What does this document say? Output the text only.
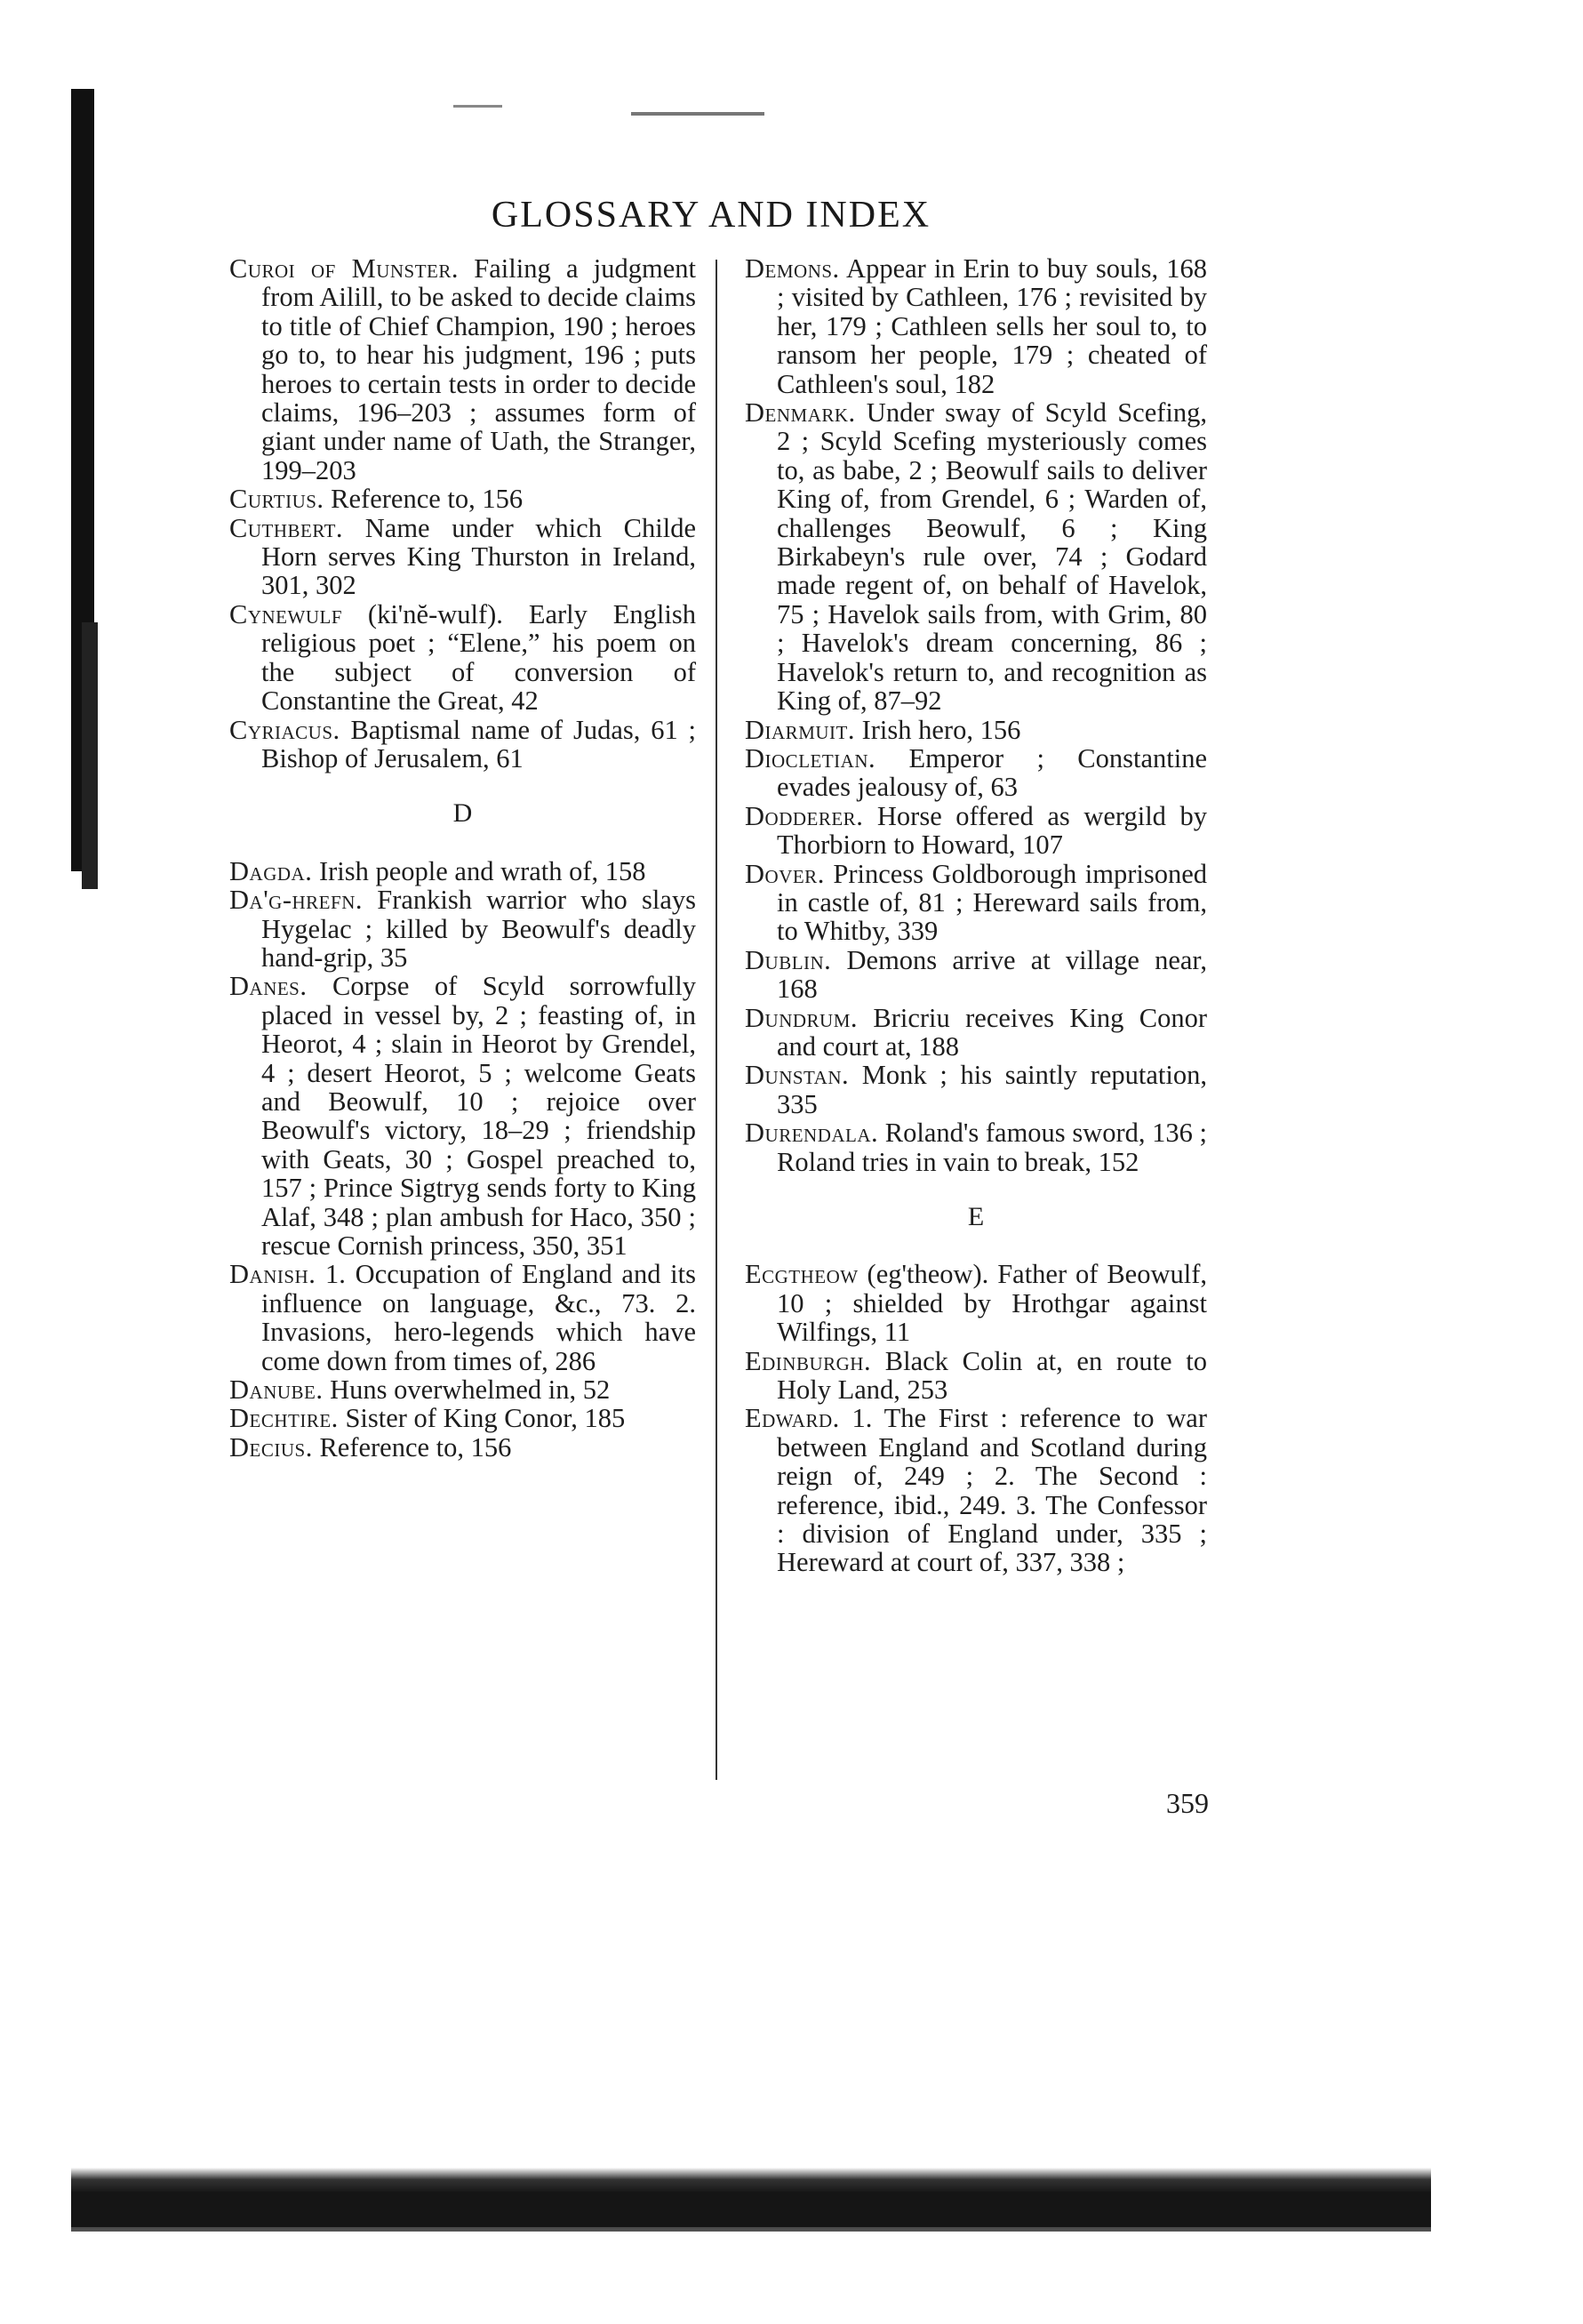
GLOSSARY AND INDEX

Curoi of Munster. Failing a judgment from Ailill, to be asked to decide claims to title of Chief Champion, 190 ; heroes go to, to hear his judgment, 196 ; puts heroes to certain tests in order to decide claims, 196–203 ; assumes form of giant under name of Uath, the Stranger, 199–203

Curtius. Reference to, 156

Cuthbert. Name under which Childe Horn serves King Thurston in Ireland, 301, 302

Cynewulf (ki'nĕ-wulf). Early English religious poet ; “Elene,” his poem on the subject of conversion of Constantine the Great, 42

Cyriacus. Baptismal name of Judas, 61 ; Bishop of Jerusalem, 61

D

Dagda. Irish people and wrath of, 158

Da'g-hrefn. Frankish warrior who slays Hygelac ; killed by Beowulf's deadly hand-grip, 35

Danes. Corpse of Scyld sorrowfully placed in vessel by, 2 ; feasting of, in Heorot, 4 ; slain in Heorot by Grendel, 4 ; desert Heorot, 5 ; welcome Geats and Beowulf, 10 ; rejoice over Beowulf's victory, 18–29 ; friendship with Geats, 30 ; Gospel preached to, 157 ; Prince Sigtryg sends forty to King Alaf, 348 ; plan ambush for Haco, 350 ; rescue Cornish princess, 350, 351

Danish. 1. Occupation of England and its influence on language, &c., 73. 2. Invasions, hero-legends which have come down from times of, 286

Danube. Huns overwhelmed in, 52

Dechtire. Sister of King Conor, 185

Decius. Reference to, 156

Demons. Appear in Erin to buy souls, 168 ; visited by Cathleen, 176 ; revisited by her, 179 ; Cathleen sells her soul to, to ransom her people, 179 ; cheated of Cathleen's soul, 182

Denmark. Under sway of Scyld Scefing, 2 ; Scyld Scefing mysteriously comes to, as babe, 2 ; Beowulf sails to deliver King of, from Grendel, 6 ; Warden of, challenges Beowulf, 6 ; King Birkabeyn's rule over, 74 ; Godard made regent of, on behalf of Havelok, 75 ; Havelok sails from, with Grim, 80 ; Havelok's dream concerning, 86 ; Havelok's return to, and recognition as King of, 87–92

Diarmuit. Irish hero, 156

Diocletian. Emperor ; Constantine evades jealousy of, 63

Dodderer. Horse offered as wergild by Thorbiorn to Howard, 107

Dover. Princess Goldborough imprisoned in castle of, 81 ; Hereward sails from, to Whitby, 339

Dublin. Demons arrive at village near, 168

Dundrum. Bricriu receives King Conor and court at, 188

Dunstan. Monk ; his saintly reputation, 335

Durendala. Roland's famous sword, 136 ; Roland tries in vain to break, 152

E

Ecgtheow (eg'theow). Father of Beowulf, 10 ; shielded by Hrothgar against Wilfings, 11

Edinburgh. Black Colin at, en route to Holy Land, 253

Edward. 1. The First : reference to war between England and Scotland during reign of, 249 ; 2. The Second : reference, ibid., 249. 3. The Confessor : division of England under, 335 ; Hereward at court of, 337, 338 ;

359
